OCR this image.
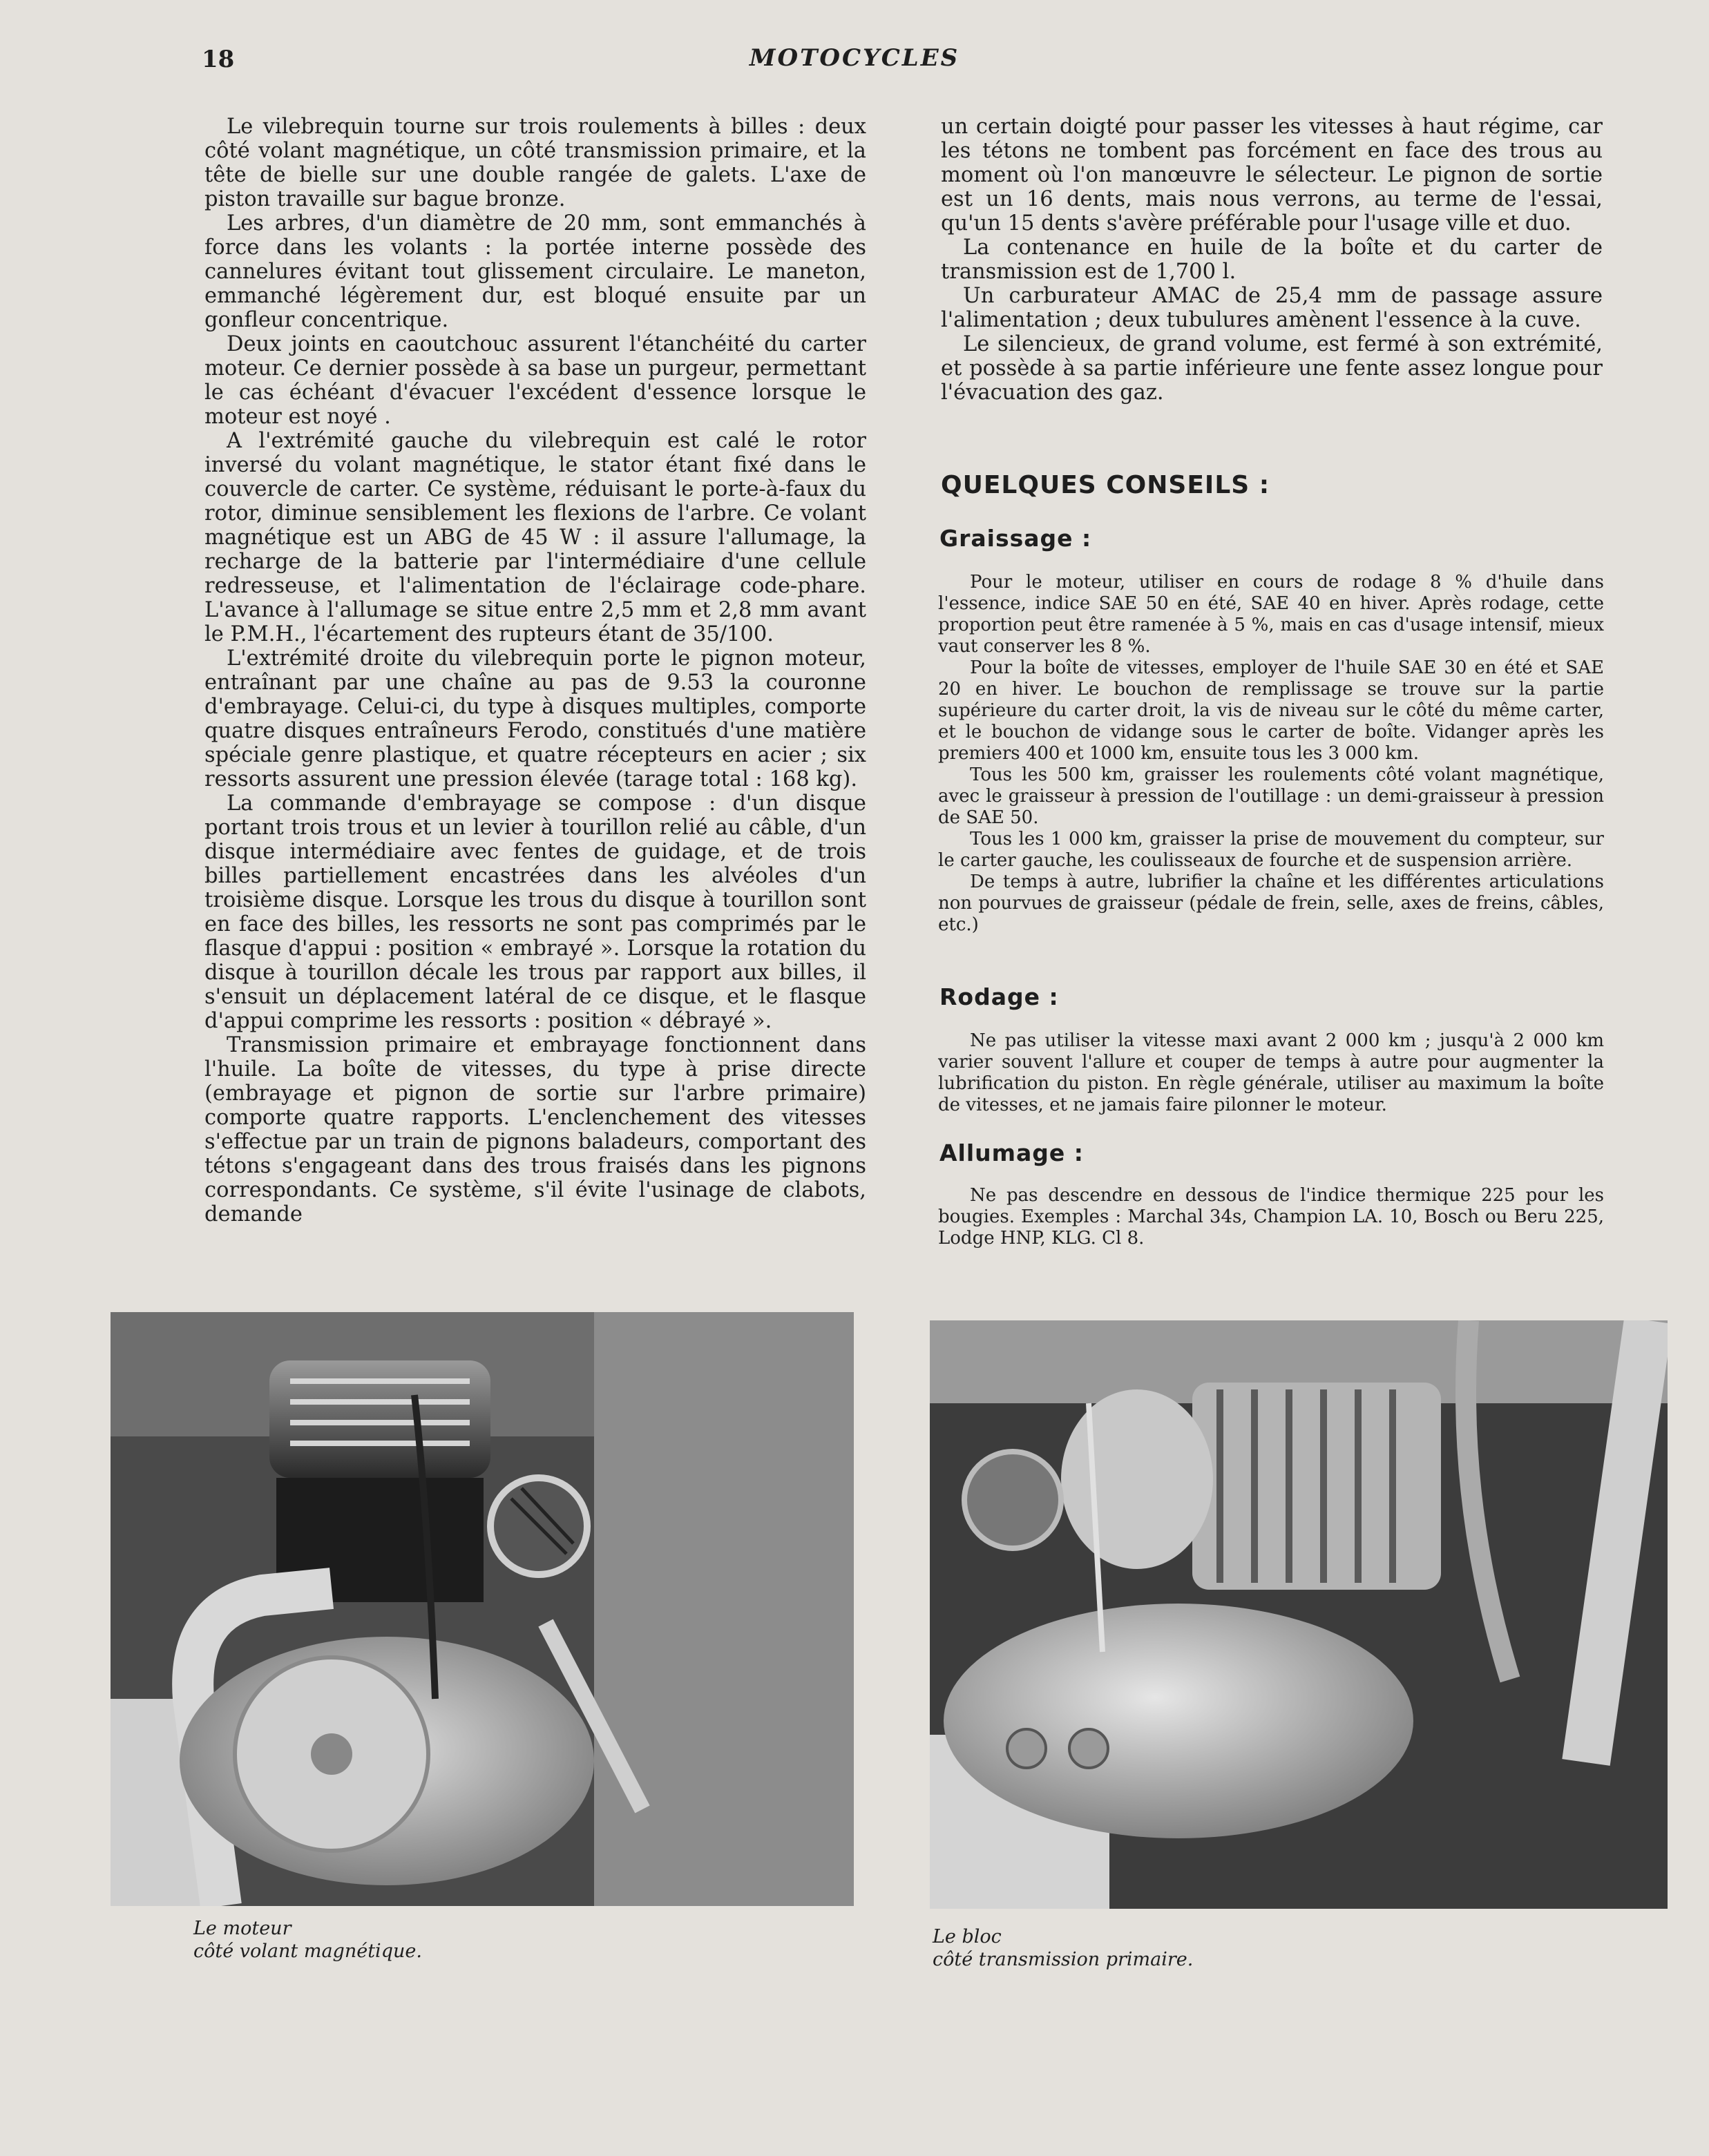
18	MOTOCYCLES

Le vilebrequin tourne sur trois roulements à billes : deux côté volant magnétique, un côté transmission primaire, et la tête de bielle sur une double rangée de galets. L'axe de piston travaille sur bague bronze.

Les arbres, d'un diamètre de 20 mm, sont emmanchés à force dans les volants : la portée interne possède des cannelures évitant tout glissement circulaire. Le maneton, emmanché légèrement dur, est bloqué ensuite par un gonfleur concentrique.

Deux joints en caoutchouc assurent l'étanchéité du carter moteur. Ce dernier possède à sa base un purgeur, permettant le cas échéant d'évacuer l'excédent d'essence lorsque le moteur est noyé .

A l'extrémité gauche du vilebrequin est calé le rotor inversé du volant magnétique, le stator étant fixé dans le couvercle de carter. Ce système, réduisant le porte-à-faux du rotor, diminue sensiblement les flexions de l'arbre. Ce volant magnétique est un ABG de 45 W : il assure l'allumage, la recharge de la batterie par l'intermédiaire d'une cellule redresseuse, et l'alimentation de l'éclairage code-phare. L'avance à l'allumage se situe entre 2,5 mm et 2,8 mm avant le P.M.H., l'écartement des rupteurs étant de 35/100.

L'extrémité droite du vilebrequin porte le pignon moteur, entraînant par une chaîne au pas de 9.53 la couronne d'embrayage. Celui-ci, du type à disques multiples, comporte quatre disques entraîneurs Ferodo, constitués d'une matière spéciale genre plastique, et quatre récepteurs en acier ; six ressorts assurent une pression élevée (tarage total : 168 kg).

La commande d'embrayage se compose : d'un disque portant trois trous et un levier à tourillon relié au câble, d'un disque intermédiaire avec fentes de guidage, et de trois billes partiellement encastrées dans les alvéoles d'un troisième disque. Lorsque les trous du disque à tourillon sont en face des billes, les ressorts ne sont pas comprimés par le flasque d'appui : position « embrayé ». Lorsque la rotation du disque à tourillon décale les trous par rapport aux billes, il s'ensuit un déplacement latéral de ce disque, et le flasque d'appui comprime les ressorts : position « débrayé ».

Transmission primaire et embrayage fonctionnent dans l'huile. La boîte de vitesses, du type à prise directe (embrayage et pignon de sortie sur l'arbre primaire) comporte quatre rapports. L'enclenchement des vitesses s'effectue par un train de pignons baladeurs, comportant des tétons s'engageant dans des trous fraisés dans les pignons correspondants. Ce système, s'il évite l'usinage de clabots, demande

un certain doigté pour passer les vitesses à haut régime, car les tétons ne tombent pas forcément en face des trous au moment où l'on manœuvre le sélecteur. Le pignon de sortie est un 16 dents, mais nous verrons, au terme de l'essai, qu'un 15 dents s'avère préférable pour l'usage ville et duo.

La contenance en huile de la boîte et du carter de transmission est de 1,700 l.

Un carburateur AMAC de 25,4 mm de passage assure l'alimentation ; deux tubulures amènent l'essence à la cuve.

Le silencieux, de grand volume, est fermé à son extrémité, et possède à sa partie inférieure une fente assez longue pour l'évacuation des gaz.

QUELQUES CONSEILS :
Graissage :

Pour le moteur, utiliser en cours de rodage 8 % d'huile dans l'essence, indice SAE 50 en été, SAE 40 en hiver. Après rodage, cette proportion peut être ramenée à 5 %, mais en cas d'usage intensif, mieux vaut conserver les 8 %.

Pour la boîte de vitesses, employer de l'huile SAE 30 en été et SAE 20 en hiver. Le bouchon de remplissage se trouve sur la partie supérieure du carter droit, la vis de niveau sur le côté du même carter, et le bouchon de vidange sous le carter de boîte. Vidanger après les premiers 400 et 1000 km, ensuite tous les 3 000 km.

Tous les 500 km, graisser les roulements côté volant magnétique, avec le graisseur à pression de l'outillage : un demi-graisseur à pression de SAE 50.

Tous les 1 000 km, graisser la prise de mouvement du compteur, sur le carter gauche, les coulisseaux de fourche et de suspension arrière.

De temps à autre, lubrifier la chaîne et les différentes articulations non pourvues de graisseur (pédale de frein, selle, axes de freins, câbles, etc.)

Rodage :

Ne pas utiliser la vitesse maxi avant 2 000 km ; jusqu'à 2 000 km varier souvent l'allure et couper de temps à autre pour augmenter la lubrification du piston. En règle générale, utiliser au maximum la boîte de vitesses, et ne jamais faire pilonner le moteur.

Allumage :

Ne pas descendre en dessous de l'indice thermique 225 pour les bougies. Exemples : Marchal 34s, Champion LA. 10, Bosch ou Beru 225, Lodge HNP, KLG. Cl 8.

Le moteur
côté volant magnétique.
Le bloc
côté transmission primaire.
